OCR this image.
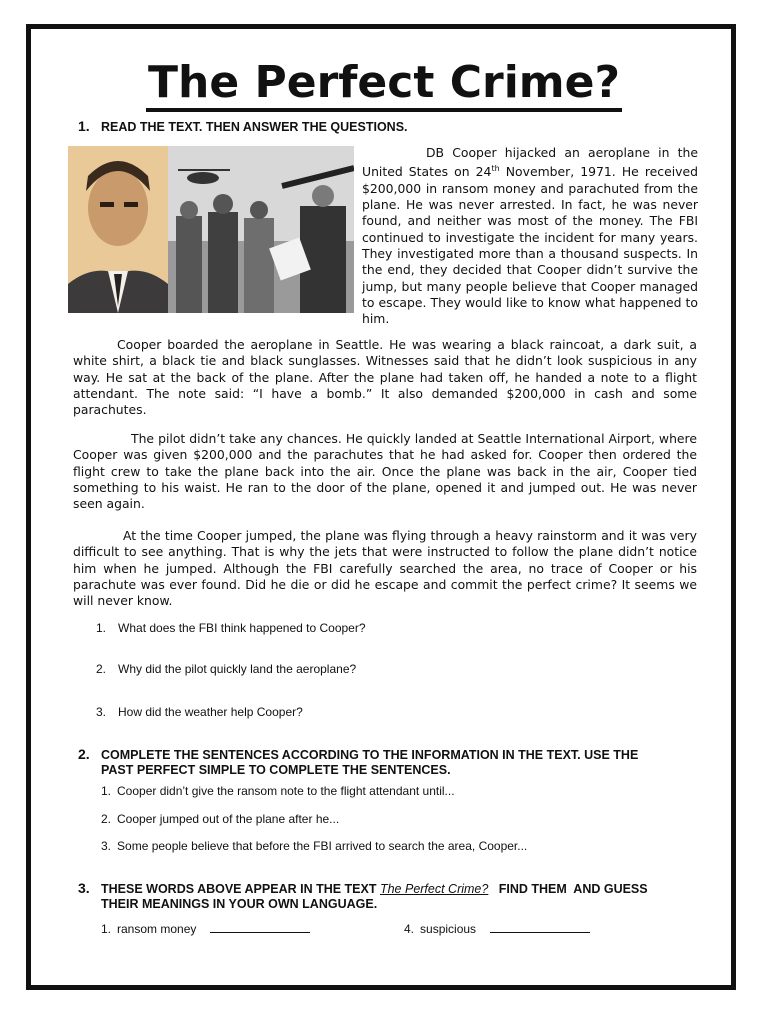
The Perfect Crime?
1. READ THE TEXT. THEN ANSWER THE QUESTIONS.
DB Cooper hijacked an aeroplane in the United States on 24th November, 1971. He received $200,000 in ransom money and parachuted from the plane. He was never arrested. In fact, he was never found, and neither was most of the money. The FBI continued to investigate the incident for many years. They investigated more than a thousand suspects. In the end, they decided that Cooper didn’t survive the jump, but many people believe that Cooper managed to escape. They would like to know what happened to him.
Cooper boarded the aeroplane in Seattle. He was wearing a black raincoat, a dark suit, a white shirt, a black tie and black sunglasses. Witnesses said that he didn’t look suspicious in any way. He sat at the back of the plane. After the plane had taken off, he handed a note to a flight attendant. The note said: “I have a bomb.” It also demanded $200,000 in cash and some parachutes.
The pilot didn’t take any chances. He quickly landed at Seattle International Airport, where Cooper was given $200,000 and the parachutes that he had asked for. Cooper then ordered the flight crew to take the plane back into the air. Once the plane was back in the air, Cooper tied something to his waist. He ran to the door of the plane, opened it and jumped out. He was never seen again.
At the time Cooper jumped, the plane was flying through a heavy rainstorm and it was very difficult to see anything. That is why the jets that were instructed to follow the plane didn’t notice him when he jumped. Although the FBI carefully searched the area, no trace of Cooper or his parachute was ever found. Did he die or did he escape and commit the perfect crime? It seems we will never know.
1. What does the FBI think happened to Cooper?
2. Why did the pilot quickly land the aeroplane?
3. How did the weather help Cooper?
2. COMPLETE THE SENTENCES ACCORDING TO THE INFORMATION IN THE TEXT. USE THE
PAST PERFECT SIMPLE TO COMPLETE THE SENTENCES.
1. Cooper didn’t give the ransom note to the flight attendant until...
2. Cooper jumped out of the plane after he...
3. Some people believe that before the FBI arrived to search the area, Cooper...
3. THESE WORDS ABOVE APPEAR IN THE TEXT The Perfect Crime?   FIND THEM  AND GUESS
THEIR MEANINGS IN YOUR OWN LANGUAGE.
1. ransom money	4. suspicious
